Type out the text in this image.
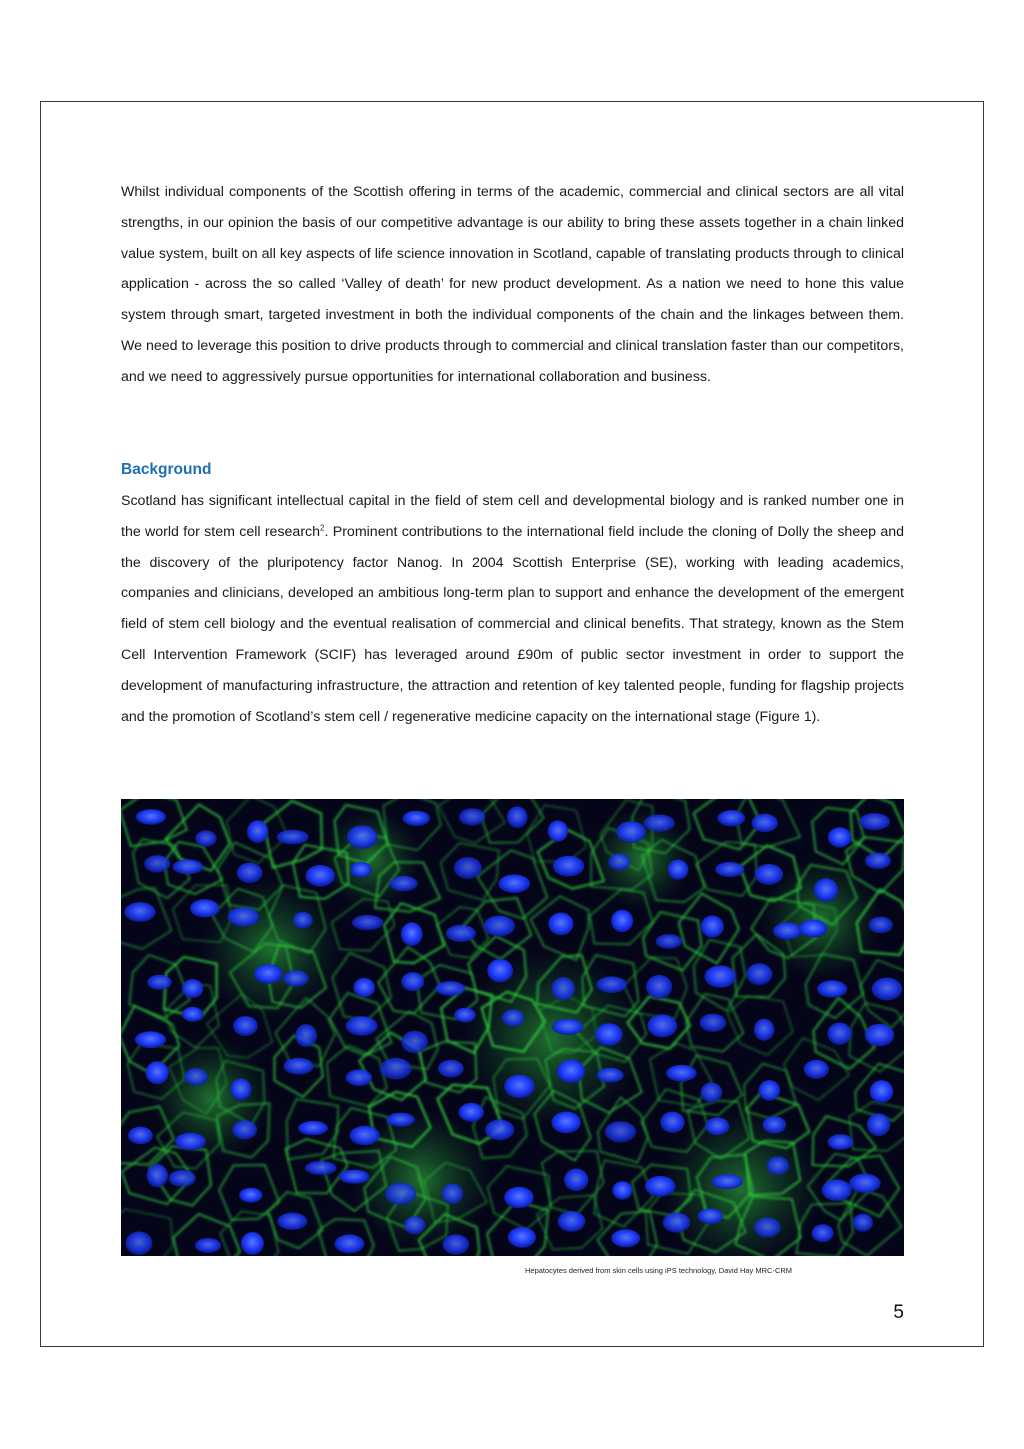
Whilst individual components of the Scottish offering in terms of the academic, commercial and clinical sectors are all vital strengths, in our opinion the basis of our competitive advantage is our ability to bring these assets together in a chain linked value system, built on all key aspects of life science innovation in Scotland, capable of translating products through to clinical application - across the so called ‘Valley of death’ for new product development. As a nation we need to hone this value system through smart, targeted investment in both the individual components of the chain and the linkages between them. We need to leverage this position to drive products through to commercial and clinical translation faster than our competitors, and we need to aggressively pursue opportunities for international collaboration and business.

Background

Scotland has significant intellectual capital in the field of stem cell and developmental biology and is ranked number one in the world for stem cell research$^2$. Prominent contributions to the international field include the cloning of Dolly the sheep and the discovery of the pluripotency factor Nanog. In 2004 Scottish Enterprise (SE), working with leading academics, companies and clinicians, developed an ambitious long-term plan to support and enhance the development of the emergent field of stem cell biology and the eventual realisation of commercial and clinical benefits. That strategy, known as the Stem Cell Intervention Framework (SCIF) has leveraged around £90m of public sector investment in order to support the development of manufacturing infrastructure, the attraction and retention of key talented people, funding for flagship projects and the promotion of Scotland’s stem cell / regenerative medicine capacity on the international stage (Figure 1).

Hepatocytes derived from skin cells using iPS technology, David Hay MRC-CRM

5
